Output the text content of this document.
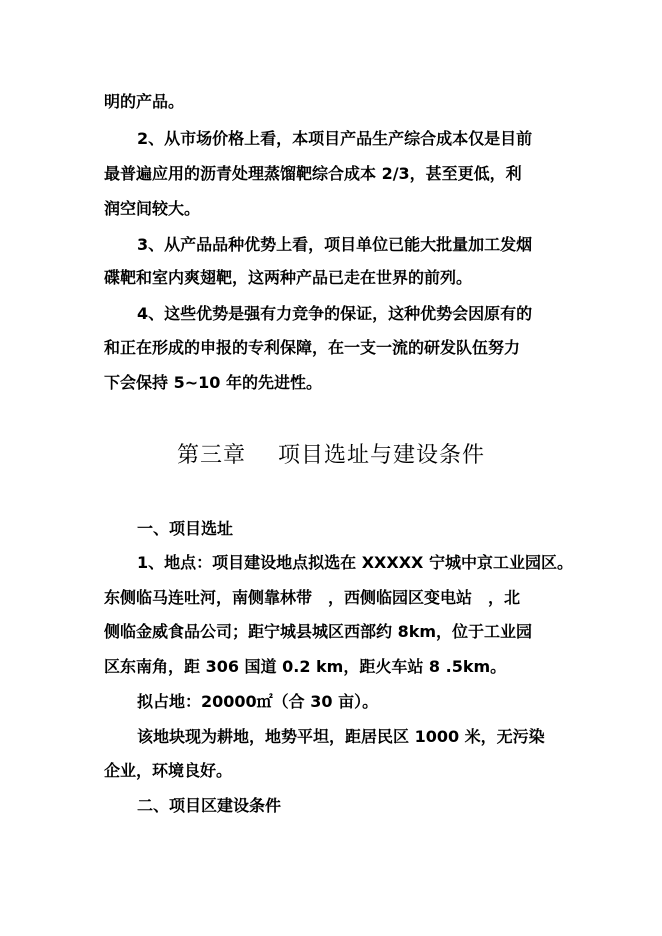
明的产品。
2、从市场价格上看，本项目产品生产综合成本仅是目前
最普遍应用的沥青处理蒸馏靶综合成本 2/3，甚至更低，利
润空间较大。
3、从产品品种优势上看，项目单位已能大批量加工发烟
碟靶和室内爽翅靶，这两种产品已走在世界的前列。
4、这些优势是强有力竞争的保证，这种优势会因原有的
和正在形成的申报的专利保障，在一支一流的研发队伍努力
下会保持 5~10 年的先进性。
第三章 项目选址与建设条件
一、项目选址
1、地点：项目建设地点拟选在 XXXXX 宁城中京工业园区。
东侧临马连吐河，南侧靠林带　，西侧临园区变电站　，北
侧临金威食品公司；距宁城县城区西部约 8km，位于工业园
区东南角，距 306 国道 0.2 km，距火车站 8 .5km。
拟占地：20000㎡（合 30 亩）。
该地块现为耕地，地势平坦，距居民区 1000 米，无污染
企业，环境良好。
二、项目区建设条件
